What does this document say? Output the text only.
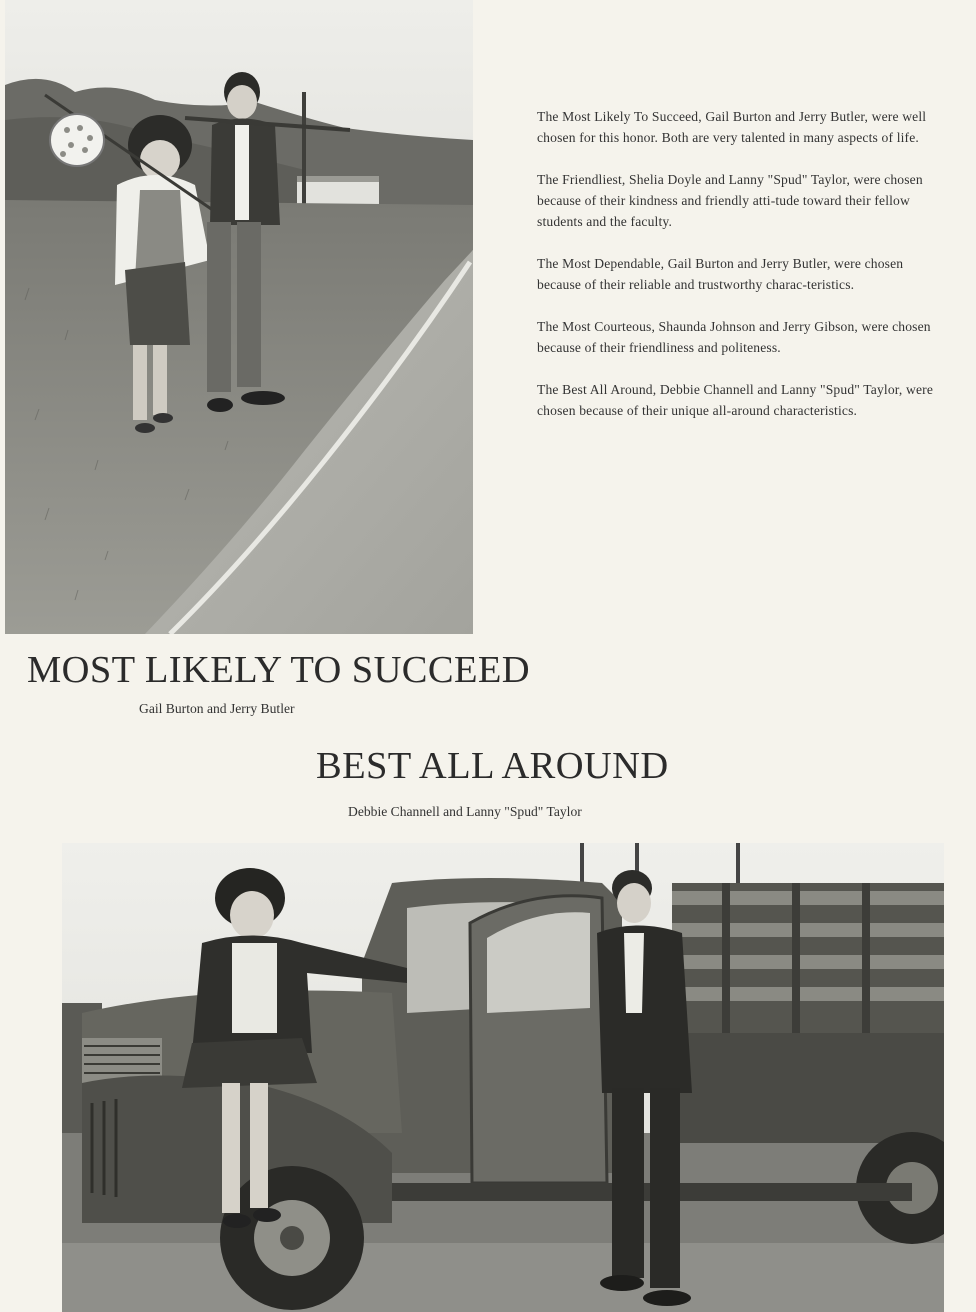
The Most Likely To Succeed, Gail Burton and Jerry Butler, were well chosen for this honor. Both are very talented in many aspects of life.

The Friendliest, Shelia Doyle and Lanny "Spud" Taylor, were chosen because of their kindness and friendly atti-tude toward their fellow students and the faculty.

The Most Dependable, Gail Burton and Jerry Butler, were chosen because of their reliable and trustworthy charac-teristics.

The Most Courteous, Shaunda Johnson and Jerry Gibson, were chosen because of their friendliness and politeness.

The Best All Around, Debbie Channell and Lanny "Spud" Taylor, were chosen because of their unique all-around characteristics.

MOST LIKELY TO SUCCEED
Gail Burton and Jerry Butler
BEST ALL AROUND
Debbie Channell and Lanny "Spud" Taylor
